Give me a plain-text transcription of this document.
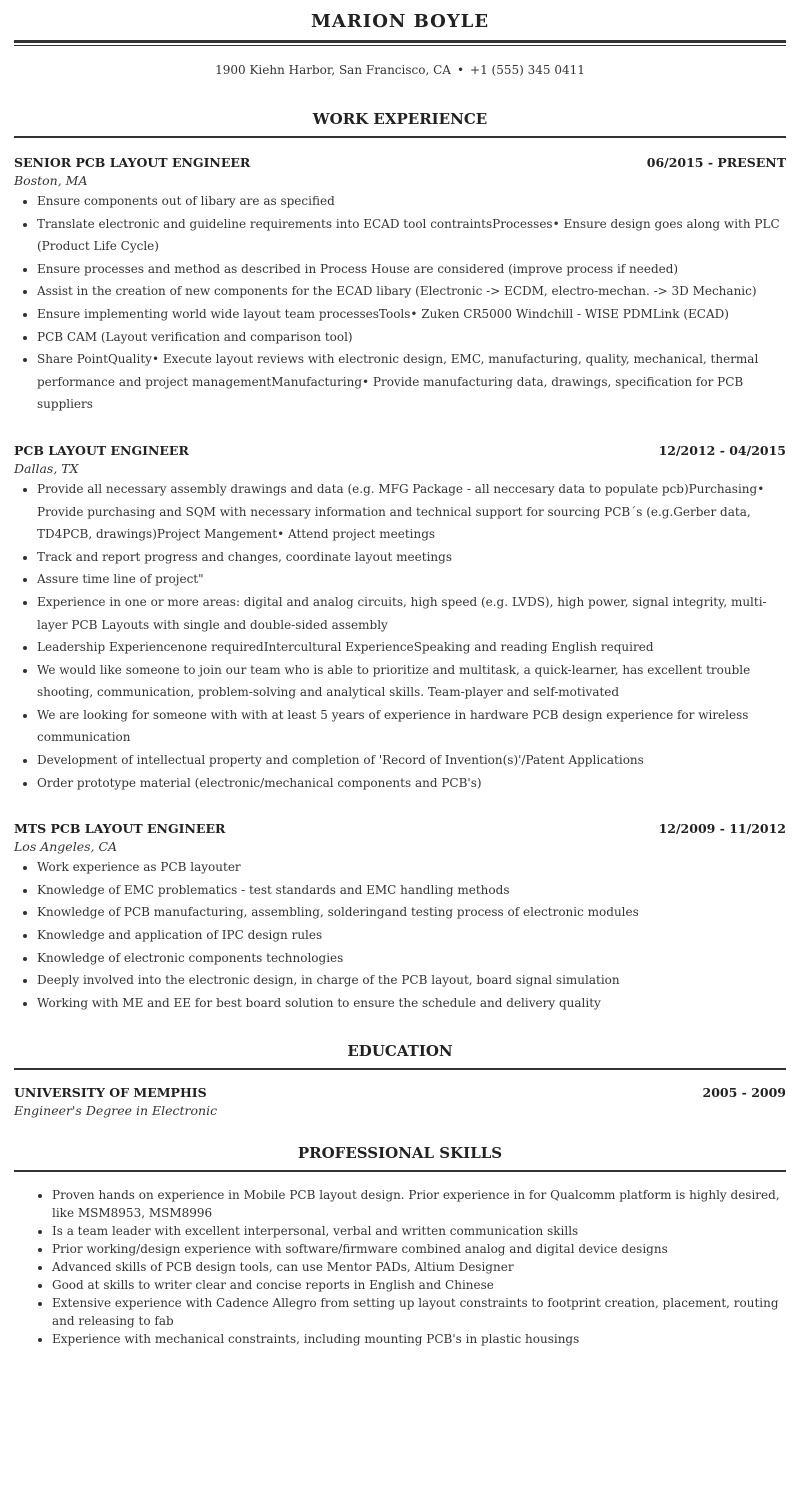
MARION BOYLE

1900 Kiehn Harbor, San Francisco, CA • +1 (555) 345 0411

WORK EXPERIENCE
SENIOR PCB LAYOUT ENGINEER	06/2015 - PRESENT
Boston, MA
• Ensure components out of libary are as specified
• Translate electronic and guideline requirements into ECAD tool contraintsProcesses• Ensure design goes along with PLC (Product Life Cycle)
• Ensure processes and method as described in Process House are considered (improve process if needed)
• Assist in the creation of new components for the ECAD libary (Electronic -> ECDM, electro-mechan. -> 3D Mechanic)
• Ensure implementing world wide layout team processesTools• Zuken CR5000 Windchill - WISE PDMLink (ECAD)
• PCB CAM (Layout verification and comparison tool)
• Share PointQuality• Execute layout reviews with electronic design, EMC, manufacturing, quality, mechanical, thermal performance and project managementManufacturing• Provide manufacturing data, drawings, specification for PCB suppliers
PCB LAYOUT ENGINEER	12/2012 - 04/2015
Dallas, TX
• Provide all necessary assembly drawings and data (e.g. MFG Package - all neccesary data to populate pcb)Purchasing• Provide purchasing and SQM with necessary information and technical support for sourcing PCB´s (e.g.Gerber data, TD4PCB, drawings)Project Mangement• Attend project meetings
• Track and report progress and changes, coordinate layout meetings
• Assure time line of project"
• Experience in one or more areas: digital and analog circuits, high speed (e.g. LVDS), high power, signal integrity, multi-layer PCB Layouts with single and double-sided assembly
• Leadership Experiencenone requiredIntercultural ExperienceSpeaking and reading English required
• We would like someone to join our team who is able to prioritize and multitask, a quick-learner, has excellent trouble shooting, communication, problem-solving and analytical skills. Team-player and self-motivated
• We are looking for someone with with at least 5 years of experience in hardware PCB design experience for wireless communication
• Development of intellectual property and completion of 'Record of Invention(s)'/Patent Applications
• Order prototype material (electronic/mechanical components and PCB's)
MTS PCB LAYOUT ENGINEER	12/2009 - 11/2012
Los Angeles, CA
• Work experience as PCB layouter
• Knowledge of EMC problematics - test standards and EMC handling methods
• Knowledge of PCB manufacturing, assembling, solderingand testing process of electronic modules
• Knowledge and application of IPC design rules
• Knowledge of electronic components technologies
• Deeply involved into the electronic design, in charge of the PCB layout, board signal simulation
• Working with ME and EE for best board solution to ensure the schedule and delivery quality
EDUCATION
UNIVERSITY OF MEMPHIS	2005 - 2009
Engineer's Degree in Electronic
PROFESSIONAL SKILLS
• Proven hands on experience in Mobile PCB layout design. Prior experience in for Qualcomm platform is highly desired, like MSM8953, MSM8996
• Is a team leader with excellent interpersonal, verbal and written communication skills
• Prior working/design experience with software/firmware combined analog and digital device designs
• Advanced skills of PCB design tools, can use Mentor PADs, Altium Designer
• Good at skills to writer clear and concise reports in English and Chinese
• Extensive experience with Cadence Allegro from setting up layout constraints to footprint creation, placement, routing and releasing to fab
• Experience with mechanical constraints, including mounting PCB's in plastic housings
